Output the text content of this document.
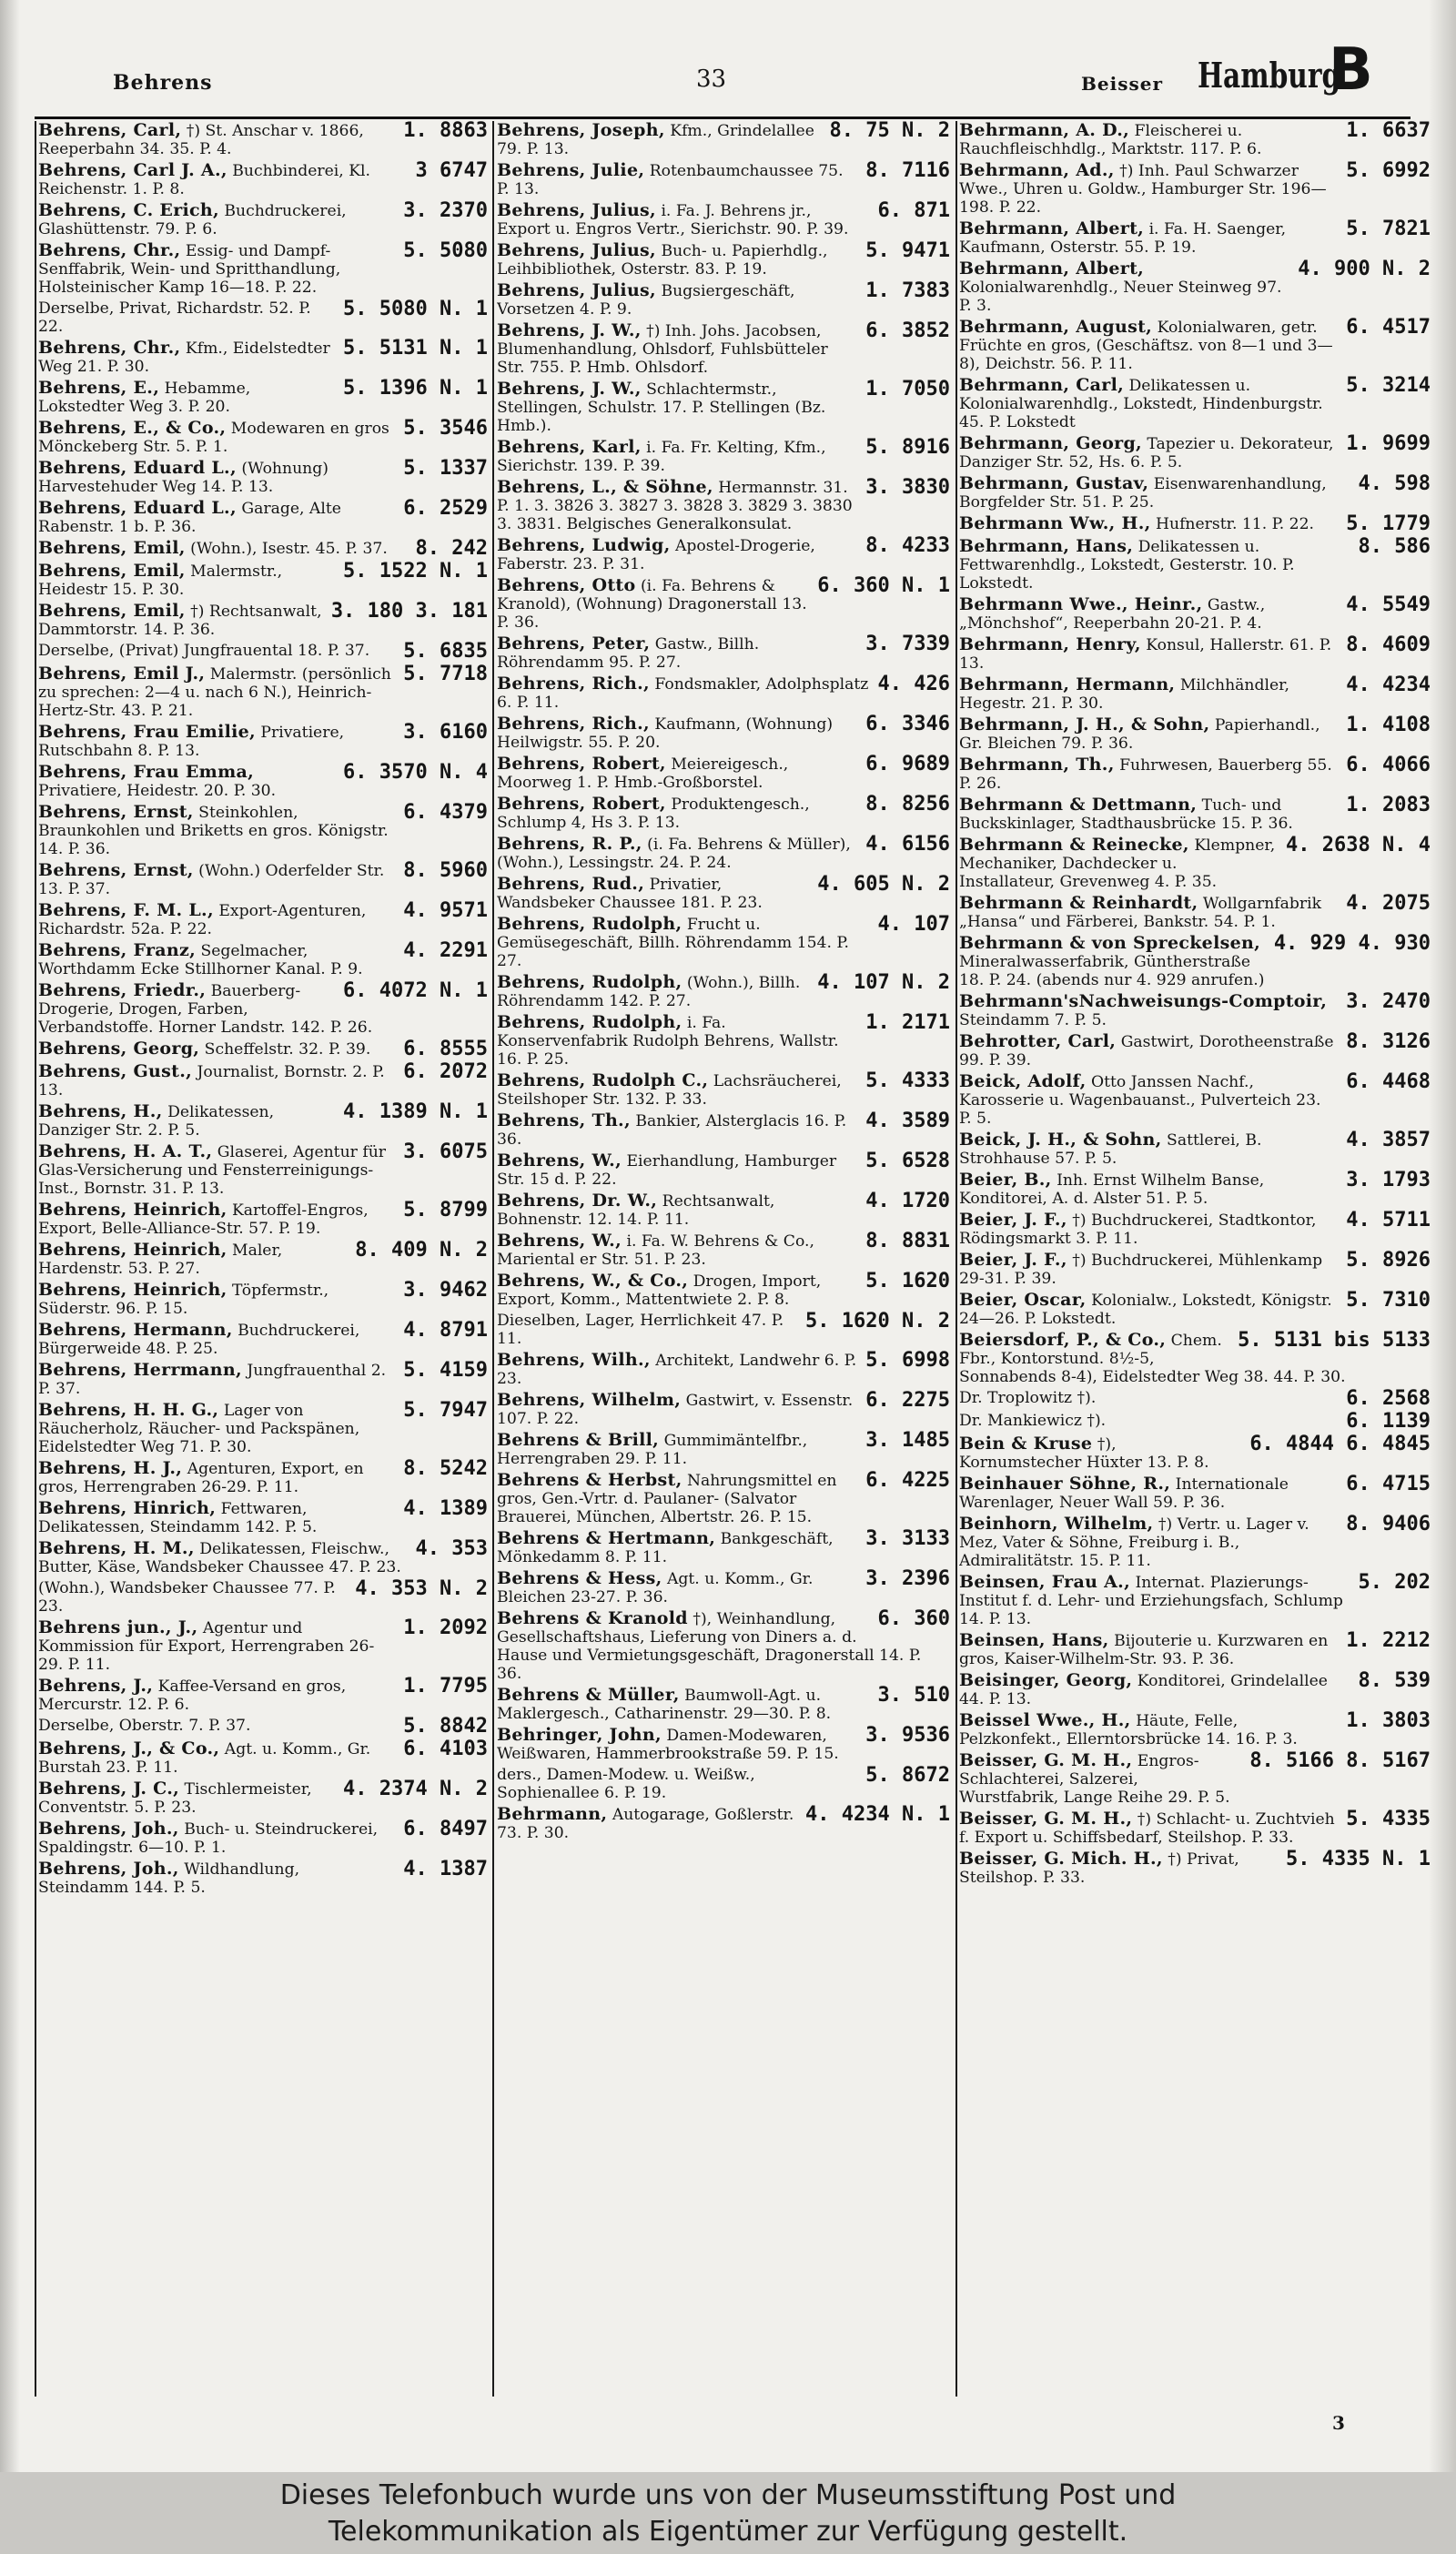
Behrens	33	Beisser Hamburg
B
1. 8863
Behrens, Carl, †) St. Anschar v. 1866, Reeperbahn 34. 35. P. 4.
3 6747
Behrens, Carl J. A., Buchbinderei, Kl. Reichenstr. 1. P. 8.
3. 2370
Behrens, C. Erich, Buchdruckerei, Glashüttenstr. 79. P. 6.
5. 5080
Behrens, Chr., Essig- und Dampf-Senffabrik, Wein- und Spritthandlung, Holsteinischer Kamp 16—18. P. 22.
5. 5080 N. 1
Derselbe, Privat, Richardstr. 52. P. 22.
5. 5131 N. 1
Behrens, Chr., Kfm., Eidelstedter Weg 21. P. 30.
5. 1396 N. 1
Behrens, E., Hebamme, Lokstedter Weg 3. P. 20.
5. 3546
Behrens, E., & Co., Modewaren en gros Mönckeberg Str. 5. P. 1.
5. 1337
Behrens, Eduard L., (Wohnung) Harvestehuder Weg 14. P. 13.
6. 2529
Behrens, Eduard L., Garage, Alte Rabenstr. 1 b. P. 36.
8. 242
Behrens, Emil, (Wohn.), Isestr. 45. P. 37.
5. 1522 N. 1
Behrens, Emil, Malermstr., Heidestr 15. P. 30.
3. 180 3. 181
Behrens, Emil, †) Rechtsanwalt, Dammtorstr. 14. P. 36.
5. 6835
Derselbe, (Privat) Jungfrauental 18. P. 37.
5. 7718
Behrens, Emil J., Malermstr. (persönlich zu sprechen: 2—4 u. nach 6 N.), Heinrich-Hertz-Str. 43. P. 21.
3. 6160
Behrens, Frau Emilie, Privatiere, Rutschbahn 8. P. 13.
6. 3570 N. 4
Behrens, Frau Emma, Privatiere, Heidestr. 20. P. 30.
6. 4379
Behrens, Ernst, Steinkohlen, Braunkohlen und Briketts en gros. Königstr. 14. P. 36.
8. 5960
Behrens, Ernst, (Wohn.) Oderfelder Str. 13. P. 37.
4. 9571
Behrens, F. M. L., Export-Agenturen, Richardstr. 52a. P. 22.
4. 2291
Behrens, Franz, Segelmacher, Worthdamm Ecke Stillhorner Kanal. P. 9.
6. 4072 N. 1
Behrens, Friedr., Bauerberg-Drogerie, Drogen, Farben, Verbandstoffe. Horner Landstr. 142. P. 26.
6. 8555
Behrens, Georg, Scheffelstr. 32. P. 39.
6. 2072
Behrens, Gust., Journalist, Bornstr. 2. P. 13.
4. 1389 N. 1
Behrens, H., Delikatessen, Danziger Str. 2. P. 5.
3. 6075
Behrens, H. A. T., Glaserei, Agentur für Glas-Versicherung und Fensterreinigungs-Inst., Bornstr. 31. P. 13.
5. 8799
Behrens, Heinrich, Kartoffel-Engros, Export, Belle-Alliance-Str. 57. P. 19.
8. 409 N. 2
Behrens, Heinrich, Maler, Hardenstr. 53. P. 27.
3. 9462
Behrens, Heinrich, Töpfermstr., Süderstr. 96. P. 15.
4. 8791
Behrens, Hermann, Buchdruckerei, Bürgerweide 48. P. 25.
5. 4159
Behrens, Herrmann, Jungfrauenthal 2. P. 37.
5. 7947
Behrens, H. H. G., Lager von Räucherholz, Räucher- und Packspänen, Eidelstedter Weg 71. P. 30.
8. 5242
Behrens, H. J., Agenturen, Export, en gros, Herrengraben 26-29. P. 11.
4. 1389
Behrens, Hinrich, Fettwaren, Delikatessen, Steindamm 142. P. 5.
4. 353
Behrens, H. M., Delikatessen, Fleischw., Butter, Käse, Wandsbeker Chaussee 47. P. 23.
4. 353 N. 2
(Wohn.), Wandsbeker Chaussee 77. P. 23.
1. 2092
Behrens jun., J., Agentur und Kommission für Export, Herrengraben 26-29. P. 11.
1. 7795
Behrens, J., Kaffee-Versand en gros, Mercurstr. 12. P. 6.
5. 8842
Derselbe, Oberstr. 7. P. 37.
6. 4103
Behrens, J., & Co., Agt. u. Komm., Gr. Burstah 23. P. 11.
4. 2374 N. 2
Behrens, J. C., Tischlermeister, Conventstr. 5. P. 23.
6. 8497
Behrens, Joh., Buch- u. Steindruckerei, Spaldingstr. 6—10. P. 1.
4. 1387
Behrens, Joh., Wildhandlung, Steindamm 144. P. 5.
8. 75 N. 2
Behrens, Joseph, Kfm., Grindelallee 79. P. 13.
8. 7116
Behrens, Julie, Rotenbaumchaussee 75. P. 13.
6. 871
Behrens, Julius, i. Fa. J. Behrens jr., Export u. Engros Vertr., Sierichstr. 90. P. 39.
5. 9471
Behrens, Julius, Buch- u. Papierhdlg., Leihbibliothek, Osterstr. 83. P. 19.
1. 7383
Behrens, Julius, Bugsiergeschäft, Vorsetzen 4. P. 9.
6. 3852
Behrens, J. W., †) Inh. Johs. Jacobsen, Blumenhandlung, Ohlsdorf, Fuhlsbütteler Str. 755. P. Hmb. Ohlsdorf.
1. 7050
Behrens, J. W., Schlachtermstr., Stellingen, Schulstr. 17. P. Stellingen (Bz. Hmb.).
5. 8916
Behrens, Karl, i. Fa. Fr. Kelting, Kfm., Sierichstr. 139. P. 39.
3. 3830
Behrens, L., & Söhne, Hermannstr. 31. P. 1. 3. 3826 3. 3827 3. 3828 3. 3829 3. 3830 3. 3831. Belgisches Generalkonsulat.
8. 4233
Behrens, Ludwig, Apostel-Drogerie, Faberstr. 23. P. 31.
6. 360 N. 1
Behrens, Otto (i. Fa. Behrens & Kranold), (Wohnung) Dragonerstall 13. P. 36.
3. 7339
Behrens, Peter, Gastw., Billh. Röhrendamm 95. P. 27.
4. 426
Behrens, Rich., Fondsmakler, Adolphsplatz 6. P. 11.
6. 3346
Behrens, Rich., Kaufmann, (Wohnung) Heilwigstr. 55. P. 20.
6. 9689
Behrens, Robert, Meiereigesch., Moorweg 1. P. Hmb.-Großborstel.
8. 8256
Behrens, Robert, Produktengesch., Schlump 4, Hs 3. P. 13.
4. 6156
Behrens, R. P., (i. Fa. Behrens & Müller), (Wohn.), Lessingstr. 24. P. 24.
4. 605 N. 2
Behrens, Rud., Privatier, Wandsbeker Chaussee 181. P. 23.
4. 107
Behrens, Rudolph, Frucht u. Gemüsegeschäft, Billh. Röhrendamm 154. P. 27.
4. 107 N. 2
Behrens, Rudolph, (Wohn.), Billh. Röhrendamm 142. P. 27.
1. 2171
Behrens, Rudolph, i. Fa. Konservenfabrik Rudolph Behrens, Wallstr. 16. P. 25.
5. 4333
Behrens, Rudolph C., Lachsräucherei, Steilshoper Str. 132. P. 33.
4. 3589
Behrens, Th., Bankier, Alsterglacis 16. P. 36.
5. 6528
Behrens, W., Eierhandlung, Hamburger Str. 15 d. P. 22.
4. 1720
Behrens, Dr. W., Rechtsanwalt, Bohnenstr. 12. 14. P. 11.
8. 8831
Behrens, W., i. Fa. W. Behrens & Co., Mariental er Str. 51. P. 23.
5. 1620
Behrens, W., & Co., Drogen, Import, Export, Komm., Mattentwiete 2. P. 8.
5. 1620 N. 2
Dieselben, Lager, Herrlichkeit 47. P. 11.
5. 6998
Behrens, Wilh., Architekt, Landwehr 6. P. 23.
6. 2275
Behrens, Wilhelm, Gastwirt, v. Essenstr. 107. P. 22.
3. 1485
Behrens & Brill, Gummimäntelfbr., Herrengraben 29. P. 11.
6. 4225
Behrens & Herbst, Nahrungsmittel en gros, Gen.-Vrtr. d. Paulaner- (Salvator Brauerei, München, Albertstr. 26. P. 15.
3. 3133
Behrens & Hertmann, Bankgeschäft, Mönkedamm 8. P. 11.
3. 2396
Behrens & Hess, Agt. u. Komm., Gr. Bleichen 23-27. P. 36.
6. 360
Behrens & Kranold †), Weinhandlung, Gesellschaftshaus, Lieferung von Diners a. d. Hause und Vermietungsgeschäft, Dragonerstall 14. P. 36.
3. 510
Behrens & Müller, Baumwoll-Agt. u. Maklergesch., Catharinenstr. 29—30. P. 8.
3. 9536
Behringer, John, Damen-Modewaren, Weißwaren, Hammerbrookstraße 59. P. 15.
5. 8672
ders., Damen-Modew. u. Weißw., Sophienallee 6. P. 19.
4. 4234 N. 1
Behrmann, Autogarage, Goßlerstr. 73. P. 30.
1. 6637
Behrmann, A. D., Fleischerei u. Rauchfleischhdlg., Marktstr. 117. P. 6.
5. 6992
Behrmann, Ad., †) Inh. Paul Schwarzer Wwe., Uhren u. Goldw., Hamburger Str. 196—198. P. 22.
5. 7821
Behrmann, Albert, i. Fa. H. Saenger, Kaufmann, Osterstr. 55. P. 19.
4. 900 N. 2
Behrmann, Albert, Kolonialwarenhdlg., Neuer Steinweg 97. P. 3.
6. 4517
Behrmann, August, Kolonialwaren, getr. Früchte en gros, (Geschäftsz. von 8—1 und 3—8), Deichstr. 56. P. 11.
5. 3214
Behrmann, Carl, Delikatessen u. Kolonialwarenhdlg., Lokstedt, Hindenburgstr. 45. P. Lokstedt
1. 9699
Behrmann, Georg, Tapezier u. Dekorateur, Danziger Str. 52, Hs. 6. P. 5.
4. 598
Behrmann, Gustav, Eisenwarenhandlung, Borgfelder Str. 51. P. 25.
5. 1779
Behrmann Ww., H., Hufnerstr. 11. P. 22.
8. 586
Behrmann, Hans, Delikatessen u. Fettwarenhdlg., Lokstedt, Gesterstr. 10. P. Lokstedt.
4. 5549
Behrmann Wwe., Heinr., Gastw., „Mönchshof“, Reeperbahn 20-21. P. 4.
8. 4609
Behrmann, Henry, Konsul, Hallerstr. 61. P. 13.
4. 4234
Behrmann, Hermann, Milchhändler, Hegestr. 21. P. 30.
1. 4108
Behrmann, J. H., & Sohn, Papierhandl., Gr. Bleichen 79. P. 36.
6. 4066
Behrmann, Th., Fuhrwesen, Bauerberg 55. P. 26.
1. 2083
Behrmann & Dettmann, Tuch- und Buckskinlager, Stadthausbrücke 15. P. 36.
4. 2638 N. 4
Behrmann & Reinecke, Klempner, Mechaniker, Dachdecker u. Installateur, Grevenweg 4. P. 35.
4. 2075
Behrmann & Reinhardt, Wollgarnfabrik „Hansa“ und Färberei, Bankstr. 54. P. 1.
4. 929 4. 930
Behrmann & von Spreckelsen, Mineralwasserfabrik, Güntherstraße 18. P. 24. (abends nur 4. 929 anrufen.)
3. 2470
Behrmann'sNachweisungs-Comptoir, Steindamm 7. P. 5.
8. 3126
Behrotter, Carl, Gastwirt, Dorotheenstraße 99. P. 39.
6. 4468
Beick, Adolf, Otto Janssen Nachf., Karosserie u. Wagenbauanst., Pulverteich 23. P. 5.
4. 3857
Beick, J. H., & Sohn, Sattlerei, B. Strohhause 57. P. 5.
3. 1793
Beier, B., Inh. Ernst Wilhelm Banse, Konditorei, A. d. Alster 51. P. 5.
4. 5711
Beier, J. F., †) Buchdruckerei, Stadtkontor, Rödingsmarkt 3. P. 11.
5. 8926
Beier, J. F., †) Buchdruckerei, Mühlenkamp 29-31. P. 39.
5. 7310
Beier, Oscar, Kolonialw., Lokstedt, Königstr. 24—26. P. Lokstedt.
5. 5131 bis 5133
Beiersdorf, P., & Co., Chem. Fbr., Kontorstund. 8½-5, Sonnabends 8-4), Eidelstedter Weg 38. 44. P. 30.
6. 2568
Dr. Troplowitz †).
6. 1139
Dr. Mankiewicz †).
6. 4844 6. 4845
Bein & Kruse †), Kornumstecher Hüxter 13. P. 8.
6. 4715
Beinhauer Söhne, R., Internationale Warenlager, Neuer Wall 59. P. 36.
8. 9406
Beinhorn, Wilhelm, †) Vertr. u. Lager v. Mez, Vater & Söhne, Freiburg i. B., Admiralitätstr. 15. P. 11.
5. 202
Beinsen, Frau A., Internat. Plazierungs-Institut f. d. Lehr- und Erziehungsfach, Schlump 14. P. 13.
1. 2212
Beinsen, Hans, Bijouterie u. Kurzwaren en gros, Kaiser-Wilhelm-Str. 93. P. 36.
8. 539
Beisinger, Georg, Konditorei, Grindelallee 44. P. 13.
1. 3803
Beissel Wwe., H., Häute, Felle, Pelzkonfekt., Ellerntorsbrücke 14. 16. P. 3.
8. 5166 8. 5167
Beisser, G. M. H., Engros-Schlachterei, Salzerei, Wurstfabrik, Lange Reihe 29. P. 5.
5. 4335
Beisser, G. M. H., †) Schlacht- u. Zuchtvieh f. Export u. Schiffsbedarf, Steilshop. P. 33.
5. 4335 N. 1
Beisser, G. Mich. H., †) Privat, Steilshop. P. 33.
3
Dieses Telefonbuch wurde uns von der Museumsstiftung Post und
Telekommunikation als Eigentümer zur Verfügung gestellt.
